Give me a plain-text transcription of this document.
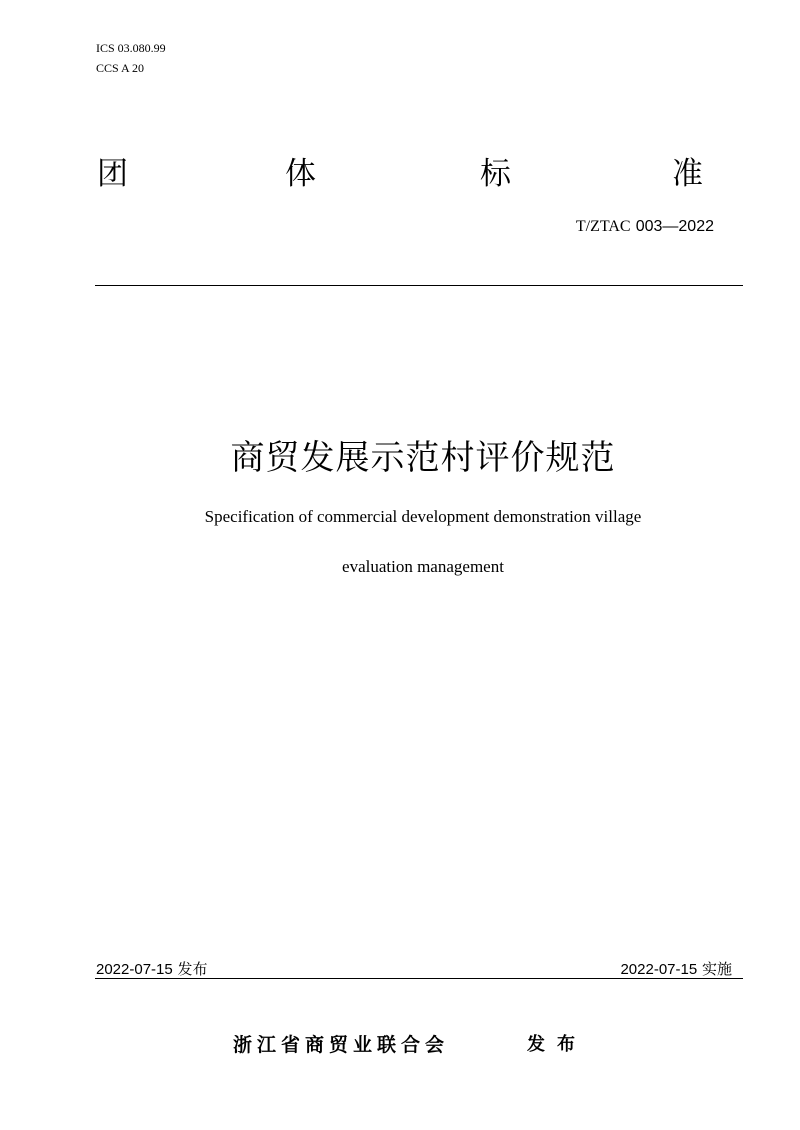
ICS 03.080.99
CCS A 20
团	体	标	准
T/ZTAC 003—2022
商贸发展示范村评价规范
Specification of commercial development demonstration village
evaluation management
2022-07-15 发布	2022-07-15 实施
浙江省商贸业联合会	发布
